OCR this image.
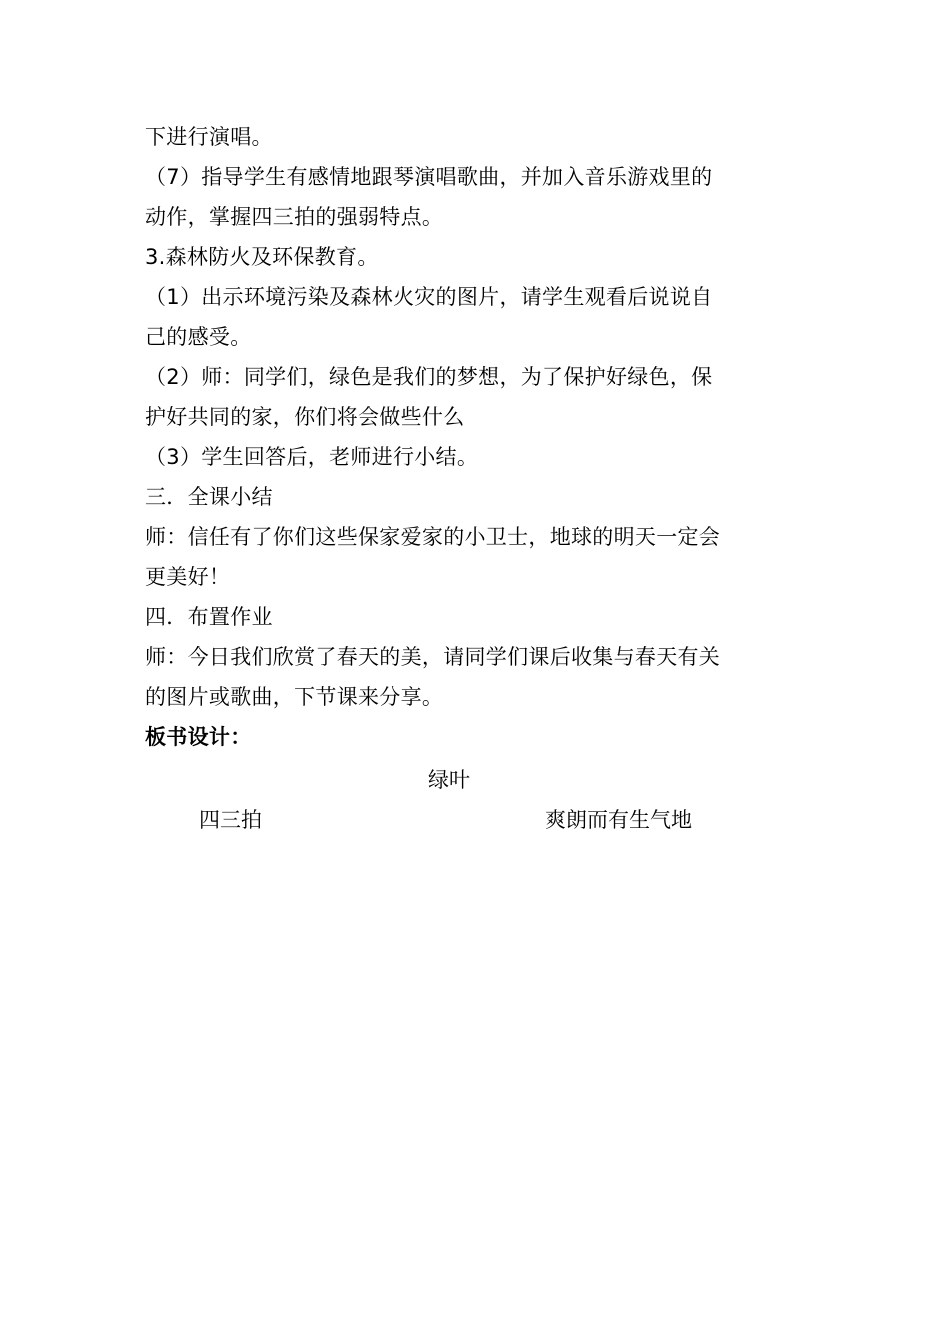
下进行演唱。
（7）指导学生有感情地跟琴演唱歌曲，并加入音乐游戏里的
动作，掌握四三拍的强弱特点。
3.森林防火及环保教育。
（1）出示环境污染及森林火灾的图片，请学生观看后说说自
己的感受。
（2）师：同学们，绿色是我们的梦想，为了保护好绿色，保
护好共同的家，你们将会做些什么
（3）学生回答后，老师进行小结。
三．全课小结
师：信任有了你们这些保家爱家的小卫士，地球的明天一定会
更美好！
四．布置作业
师：今日我们欣赏了春天的美，请同学们课后收集与春天有关
的图片或歌曲，下节课来分享。
板书设计：
绿叶
四三拍	爽朗而有生气地
